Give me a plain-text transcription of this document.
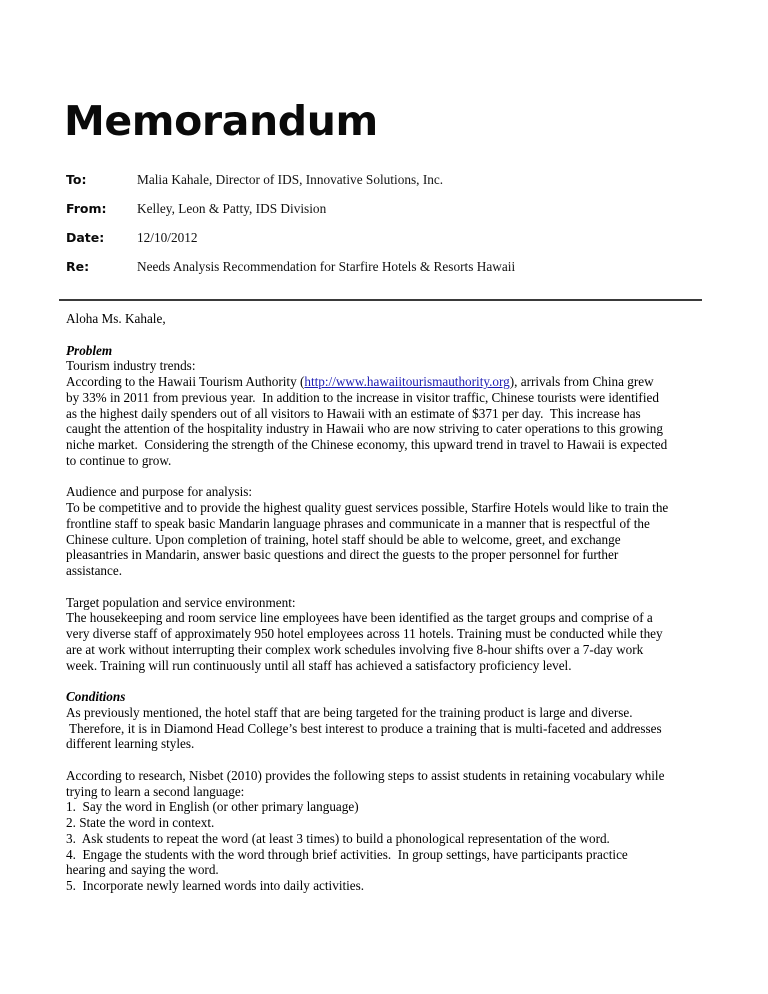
Memorandum
To:	Malia Kahale, Director of IDS, Innovative Solutions, Inc.
From:	Kelley, Leon & Patty, IDS Division
Date:	12/10/2012
Re:	Needs Analysis Recommendation for Starfire Hotels & Resorts Hawaii
Aloha Ms. Kahale,
Problem
Tourism industry trends:
According to the Hawaii Tourism Authority (http://www.hawaiitourismauthority.org), arrivals from China grew
by 33% in 2011 from previous year.  In addition to the increase in visitor traffic, Chinese tourists were identified
as the highest daily spenders out of all visitors to Hawaii with an estimate of $371 per day.  This increase has
caught the attention of the hospitality industry in Hawaii who are now striving to cater operations to this growing
niche market.  Considering the strength of the Chinese economy, this upward trend in travel to Hawaii is expected
to continue to grow.
Audience and purpose for analysis:
To be competitive and to provide the highest quality guest services possible, Starfire Hotels would like to train the
frontline staff to speak basic Mandarin language phrases and communicate in a manner that is respectful of the
Chinese culture. Upon completion of training, hotel staff should be able to welcome, greet, and exchange
pleasantries in Mandarin, answer basic questions and direct the guests to the proper personnel for further
assistance.
Target population and service environment:
The housekeeping and room service line employees have been identified as the target groups and comprise of a
very diverse staff of approximately 950 hotel employees across 11 hotels. Training must be conducted while they
are at work without interrupting their complex work schedules involving five 8-hour shifts over a 7-day work
week. Training will run continuously until all staff has achieved a satisfactory proficiency level.
Conditions
As previously mentioned, the hotel staff that are being targeted for the training product is large and diverse.
Therefore, it is in Diamond Head College’s best interest to produce a training that is multi-faceted and addresses
different learning styles.
According to research, Nisbet (2010) provides the following steps to assist students in retaining vocabulary while
trying to learn a second language:
1.  Say the word in English (or other primary language)
2. State the word in context.
3.  Ask students to repeat the word (at least 3 times) to build a phonological representation of the word.
4.  Engage the students with the word through brief activities.  In group settings, have participants practice
hearing and saying the word.
5.  Incorporate newly learned words into daily activities.
